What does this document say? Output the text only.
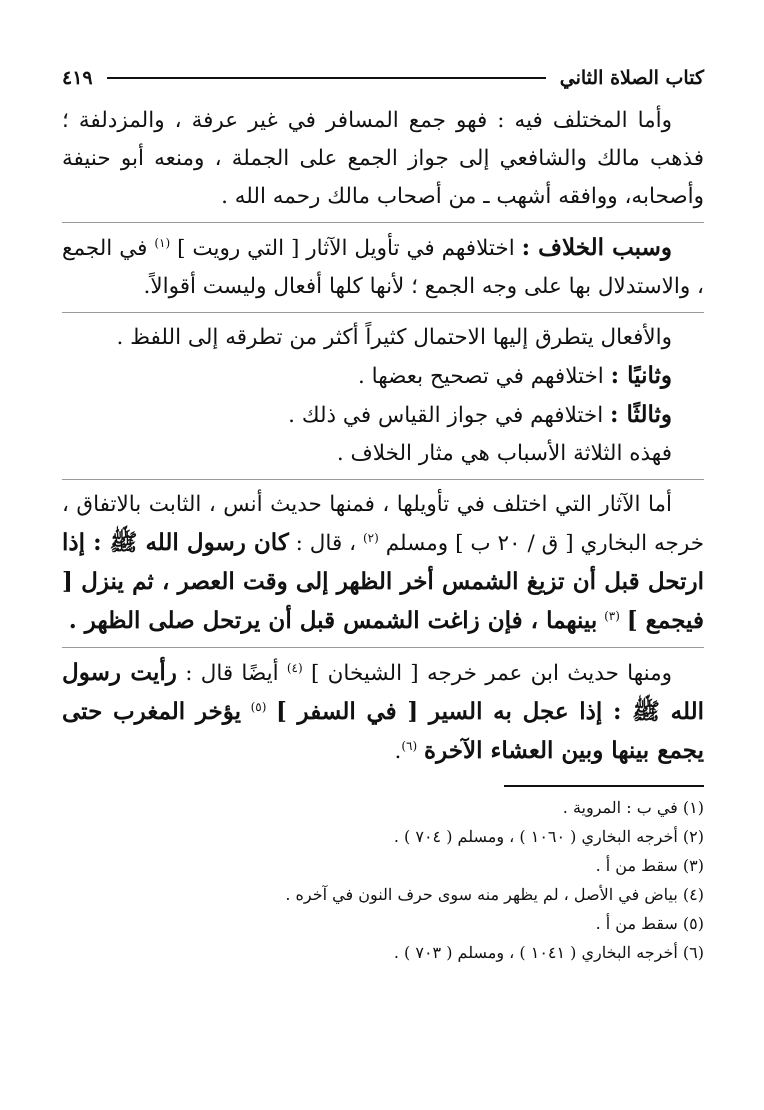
كتاب الصلاة الثاني
٤١٩

وأما المختلف فيه : فهو جمع المسافر في غير عرفة ، والمزدلفة ؛ فذهب مالك والشافعي إلى جواز الجمع على الجملة ، ومنعه أبو حنيفة وأصحابه، ووافقه أشهب ـ من أصحاب مالك رحمه الله .

وسبب الخلاف : اختلافهم في تأويل الآثار [ التي رويت ] $^{(١)}$ في الجمع ، والاستدلال بها على وجه الجمع ؛ لأنها كلها أفعال وليست أقوالاً.

والأفعال يتطرق إليها الاحتمال كثيراً أكثر من تطرقه إلى اللفظ .

وثانيًا : اختلافهم في تصحيح بعضها .

وثالثًا : اختلافهم في جواز القياس في ذلك .

فهذه الثلاثة الأسباب هي مثار الخلاف .

أما الآثار التي اختلف في تأويلها ، فمنها حديث أنس ، الثابت بالاتفاق ، خرجه البخاري [ ق / ٢٠ ب ] ومسلم $^{(٢)}$ ، قال : كان رسول الله ﷺ : إذا ارتحل قبل أن تزيغ الشمس أخر الظهر إلى وقت العصر ، ثم ينزل [ فيجمع ] $^{(٣)}$ بينهما ، فإن زاغت الشمس قبل أن يرتحل صلى الظهر .

ومنها حديث ابن عمر خرجه [ الشيخان ] $^{(٤)}$ أيضًا قال : رأيت رسول الله ﷺ : إذا عجل به السير [ في السفر ] $^{(٥)}$ يؤخر المغرب حتى يجمع بينها وبين العشاء الآخرة $^{(٦)}$.

(١) في ب : المروية .
(٢) أخرجه البخاري ( ١٠٦٠ ) ، ومسلم ( ٧٠٤ ) .
(٣) سقط من أ .
(٤) بياض في الأصل ، لم يظهر منه سوى حرف النون في آخره .
(٥) سقط من أ .
(٦) أخرجه البخاري ( ١٠٤١ ) ، ومسلم ( ٧٠٣ ) .
